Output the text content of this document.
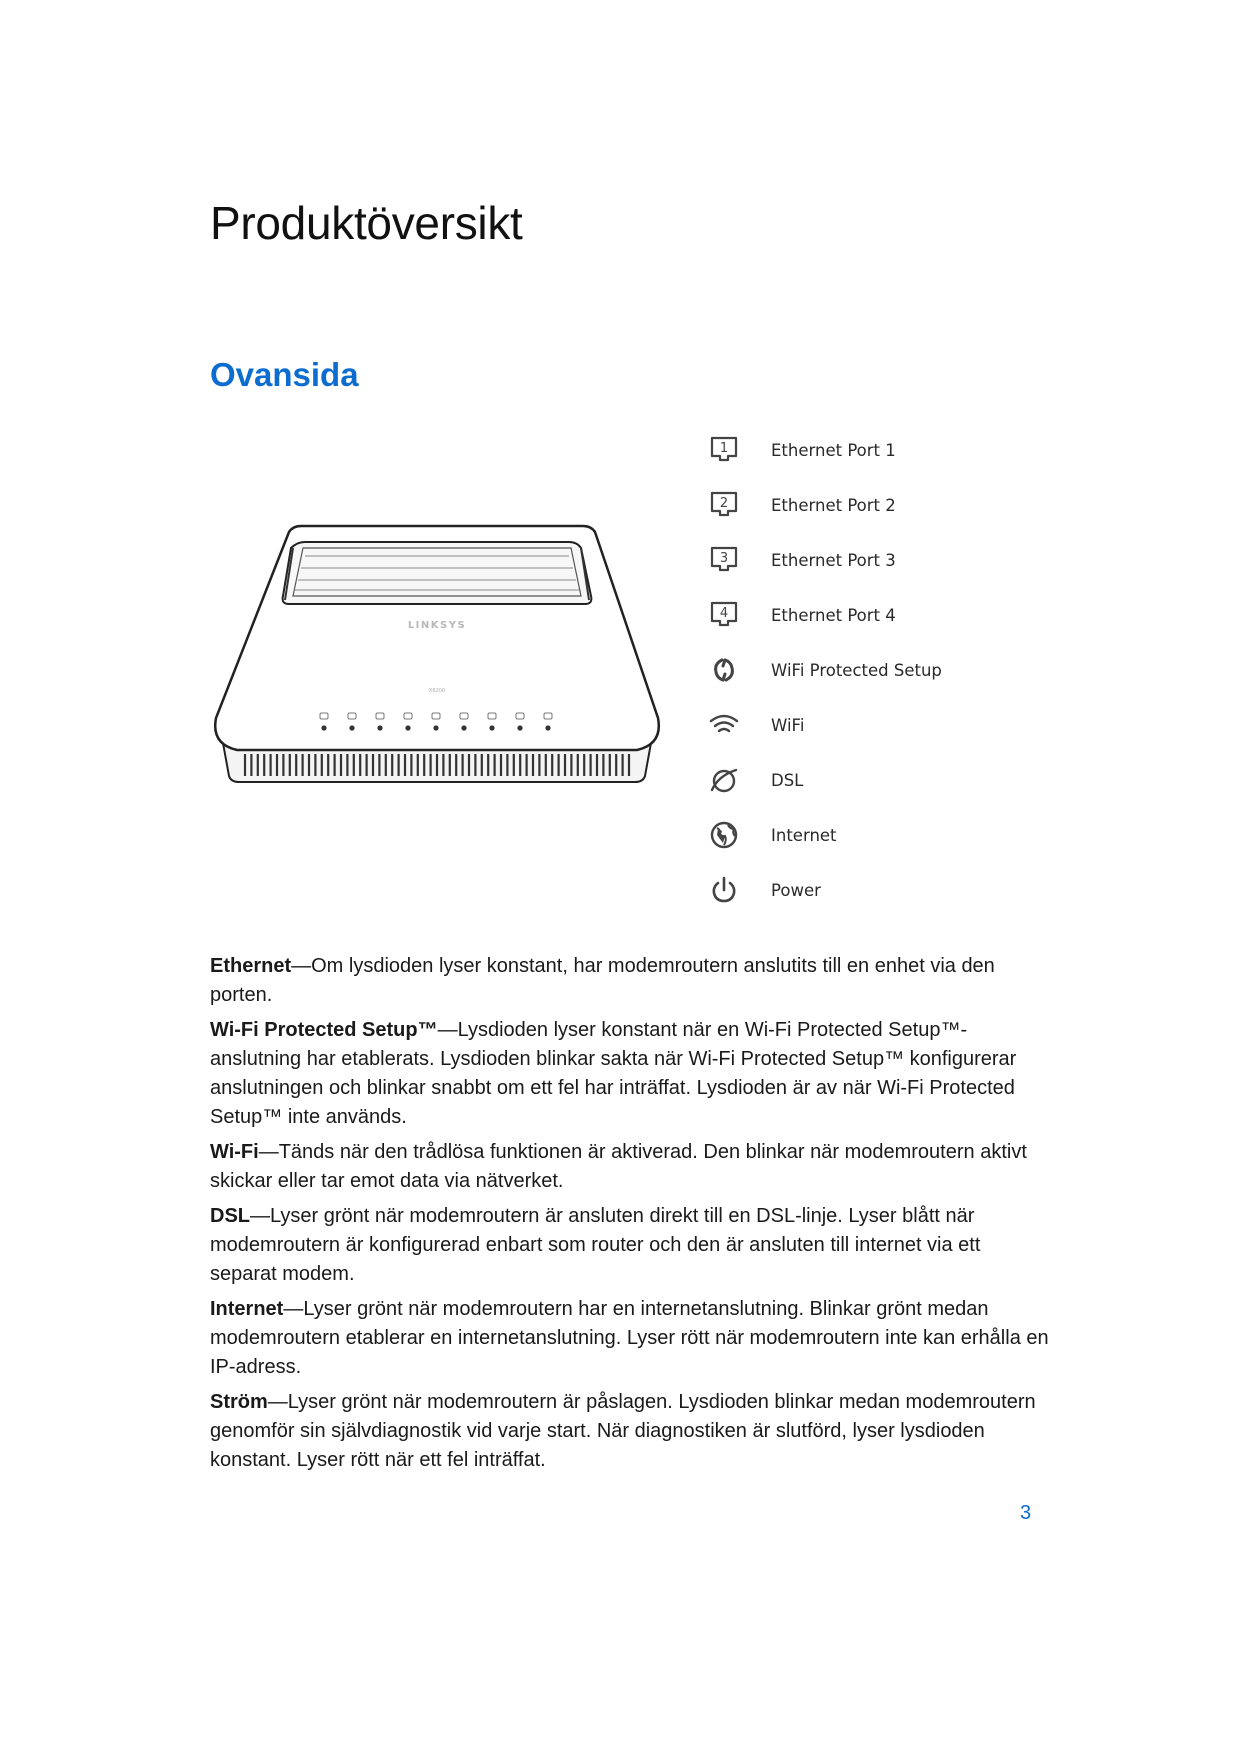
Produktöversikt
Ovansida
LINKSYS
X6200
1	Ethernet Port 1
2	Ethernet Port 2
3	Ethernet Port 3
4	Ethernet Port 4
WiFi Protected Setup
WiFi
DSL
Internet
Power

Ethernet—Om lysdioden lyser konstant, har modemroutern anslutits till en enhet via den porten.

Wi-Fi Protected Setup™—Lysdioden lyser konstant när en Wi-Fi Protected Setup™-anslutning har etablerats. Lysdioden blinkar sakta när Wi-Fi Protected Setup™ konfigurerar anslutningen och blinkar snabbt om ett fel har inträffat. Lysdioden är av när Wi-Fi Protected Setup™ inte används.

Wi-Fi—Tänds när den trådlösa funktionen är aktiverad. Den blinkar när modemroutern aktivt skickar eller tar emot data via nätverket.

DSL—Lyser grönt när modemroutern är ansluten direkt till en DSL-linje. Lyser blått när modemroutern är konfigurerad enbart som router och den är ansluten till internet via ett separat modem.

Internet—Lyser grönt när modemroutern har en internetanslutning. Blinkar grönt medan modemroutern etablerar en internetanslutning. Lyser rött när modemroutern inte kan erhålla en IP-adress.

Ström—Lyser grönt när modemroutern är påslagen. Lysdioden blinkar medan modemroutern genomför sin självdiagnostik vid varje start. När diagnostiken är slutförd, lyser lysdioden konstant. Lyser rött när ett fel inträffat.

3
